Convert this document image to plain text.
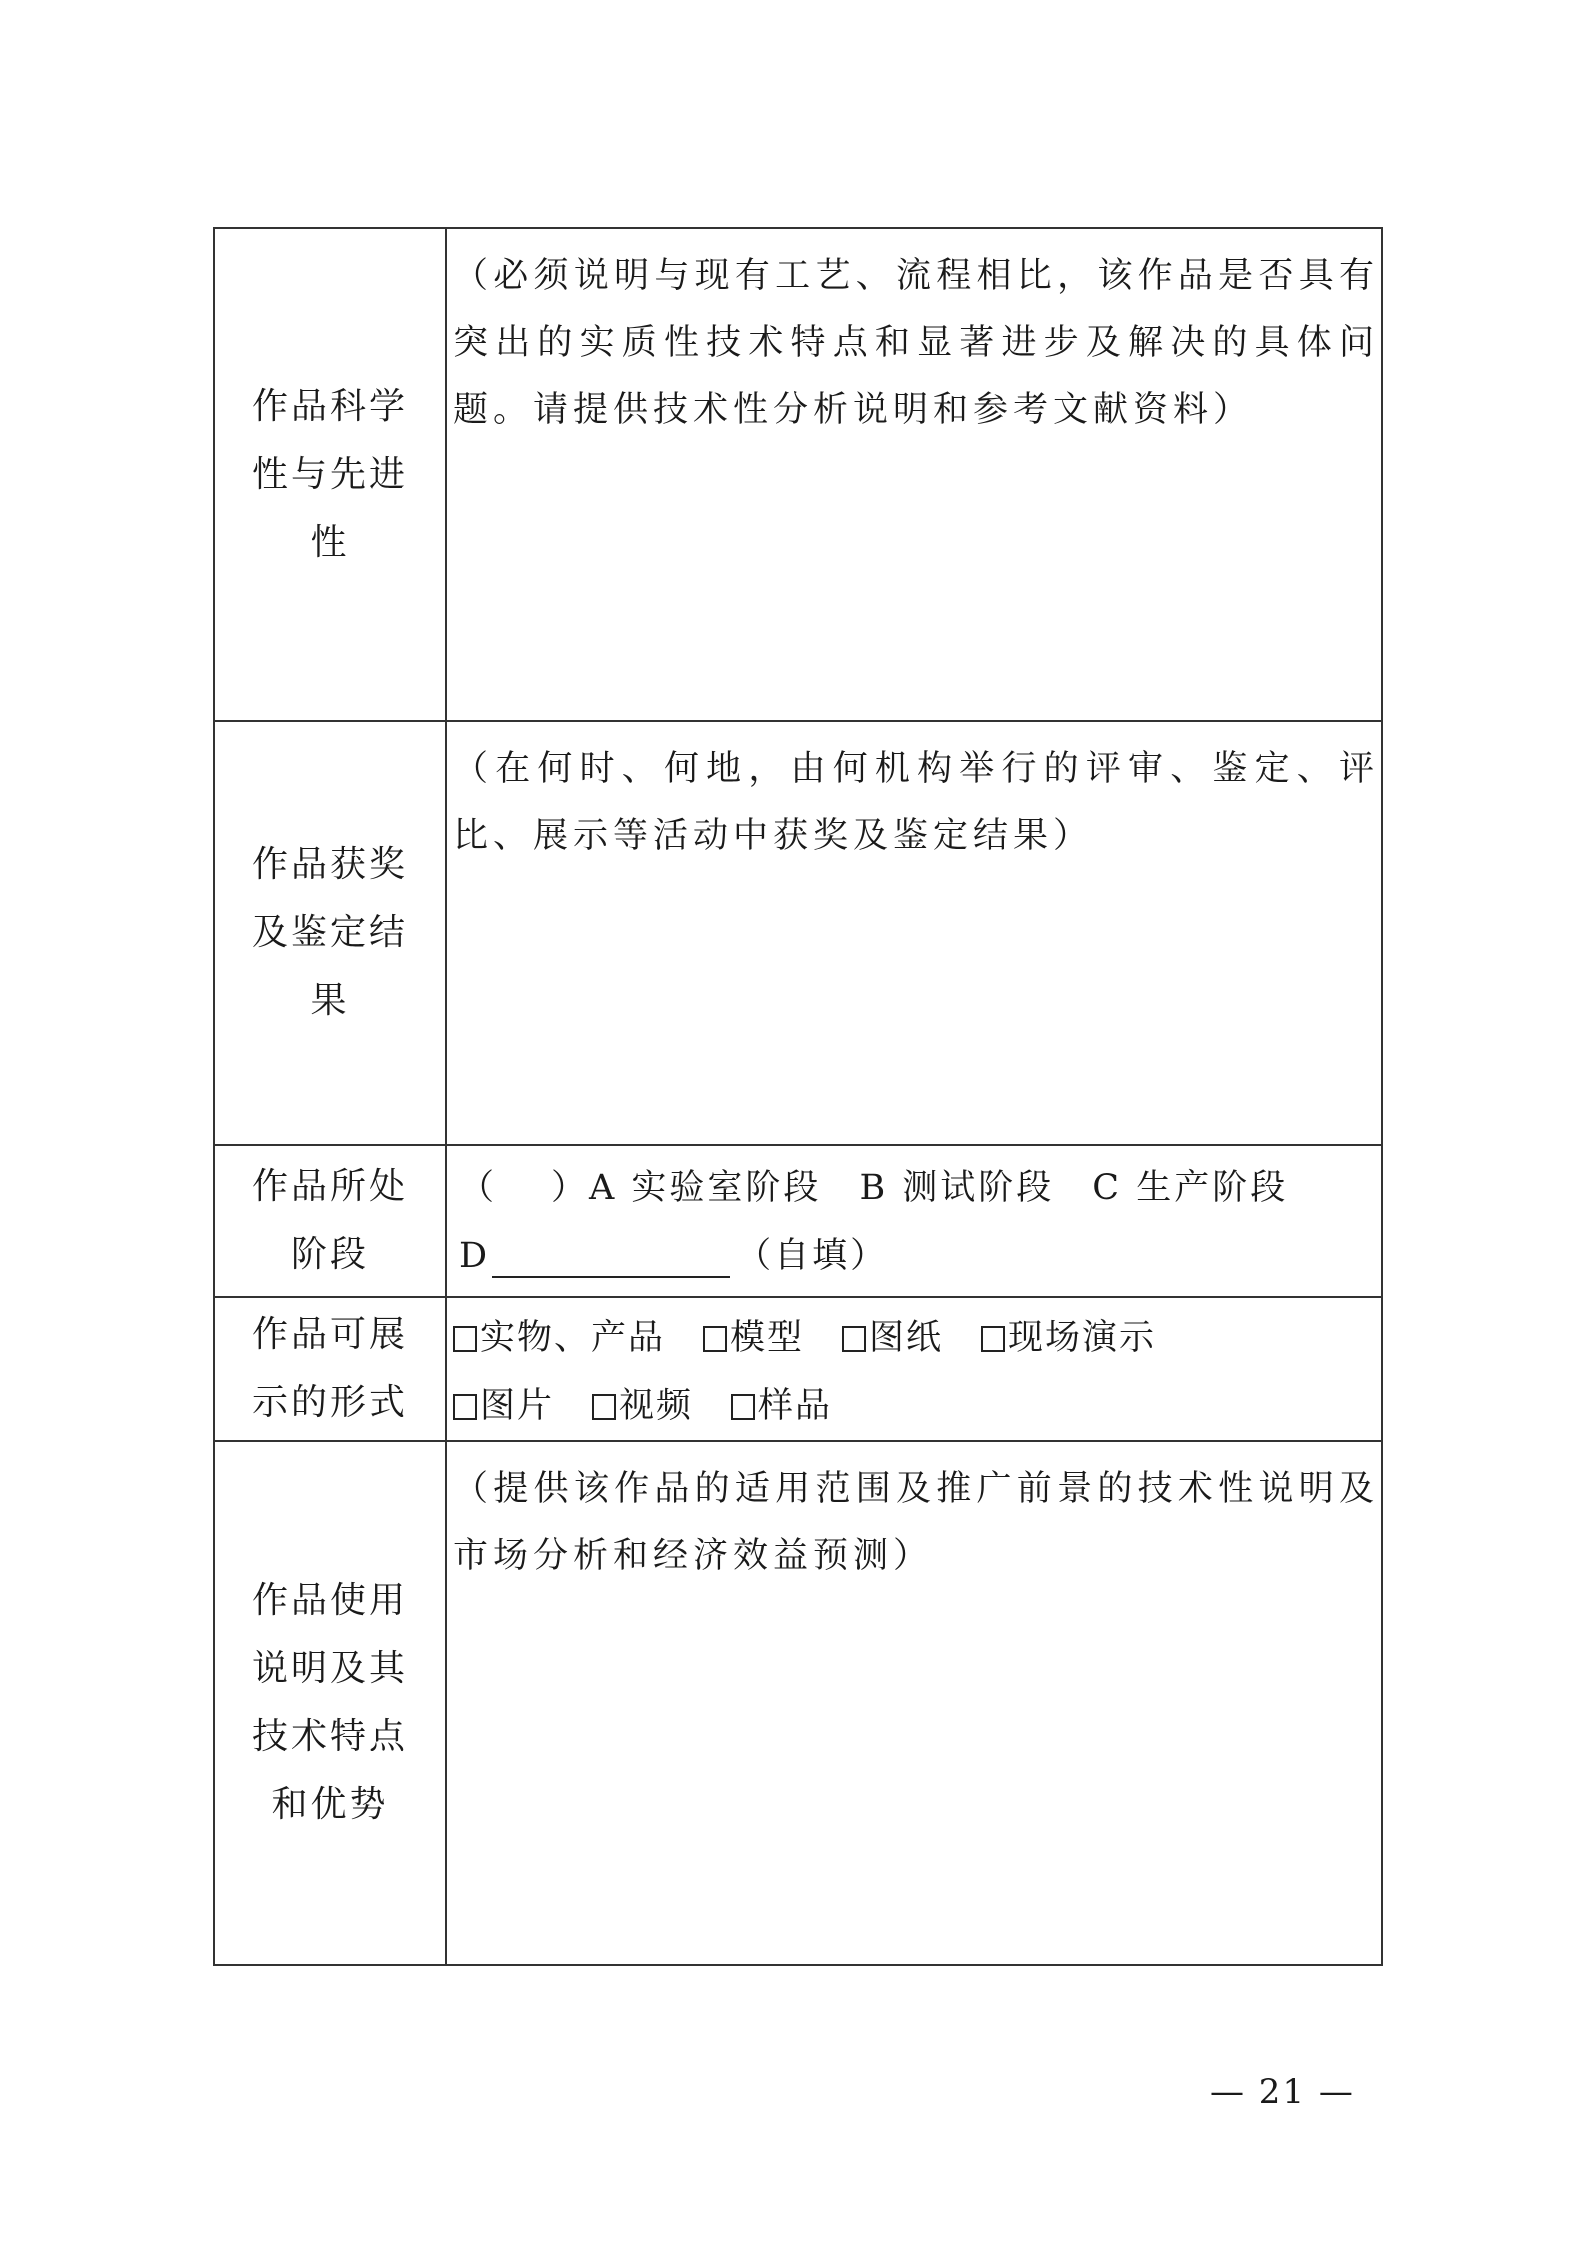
作品科学性与先进性	（必须说明与现有工艺、流程相比，该作品是否具有突出的实质性技术特点和显著进步及解决的具体问题。请提供技术性分析说明和参考文献资料）

作品获奖及鉴定结果	（在何时、何地，由何机构举行的评审、鉴定、评比、展示等活动中获奖及鉴定结果）

作品所处阶段	（ ）A 实验室阶段 B 测试阶段 C 生产阶段
D （自填）

作品可展示的形式	实物、产品 模型 图纸 现场演示
图片 视频 样品

作品使用说明及其技术特点和优势	（提供该作品的适用范围及推广前景的技术性说明及市场分析和经济效益预测）
— 21 —
